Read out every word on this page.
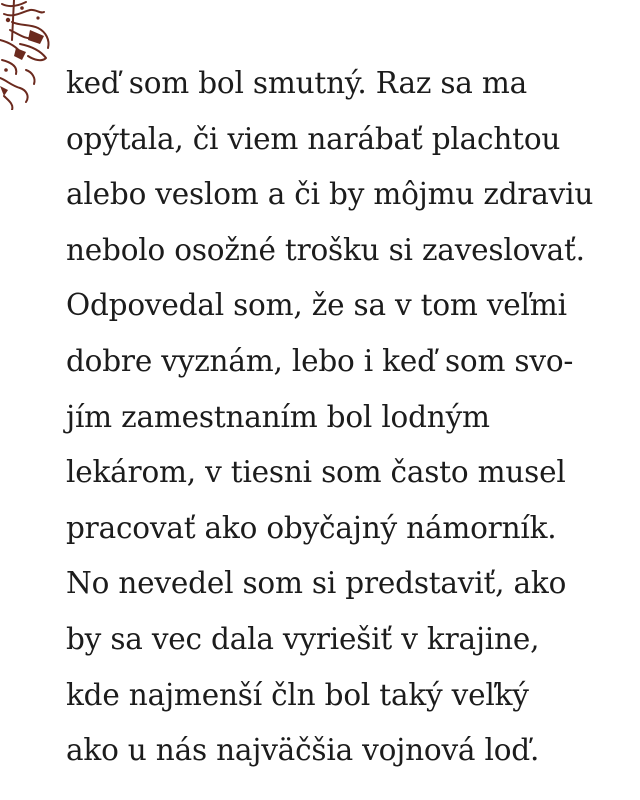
keď som bol smutný. Raz sa ma
opýtala, či viem narábať plachtou
alebo veslom a či by môjmu zdraviu
nebolo osožné trošku si zaveslovať.
Odpovedal som, že sa v tom veľmi
dobre vyznám, lebo i keď som svo-
jím zamestnaním bol lodným
lekárom, v tiesni som často musel
pracovať ako obyčajný námorník.
No nevedel som si predstaviť, ako
by sa vec dala vyriešiť v krajine,
kde najmenší čln bol taký veľký
ako u nás najväčšia vojnová loď.
